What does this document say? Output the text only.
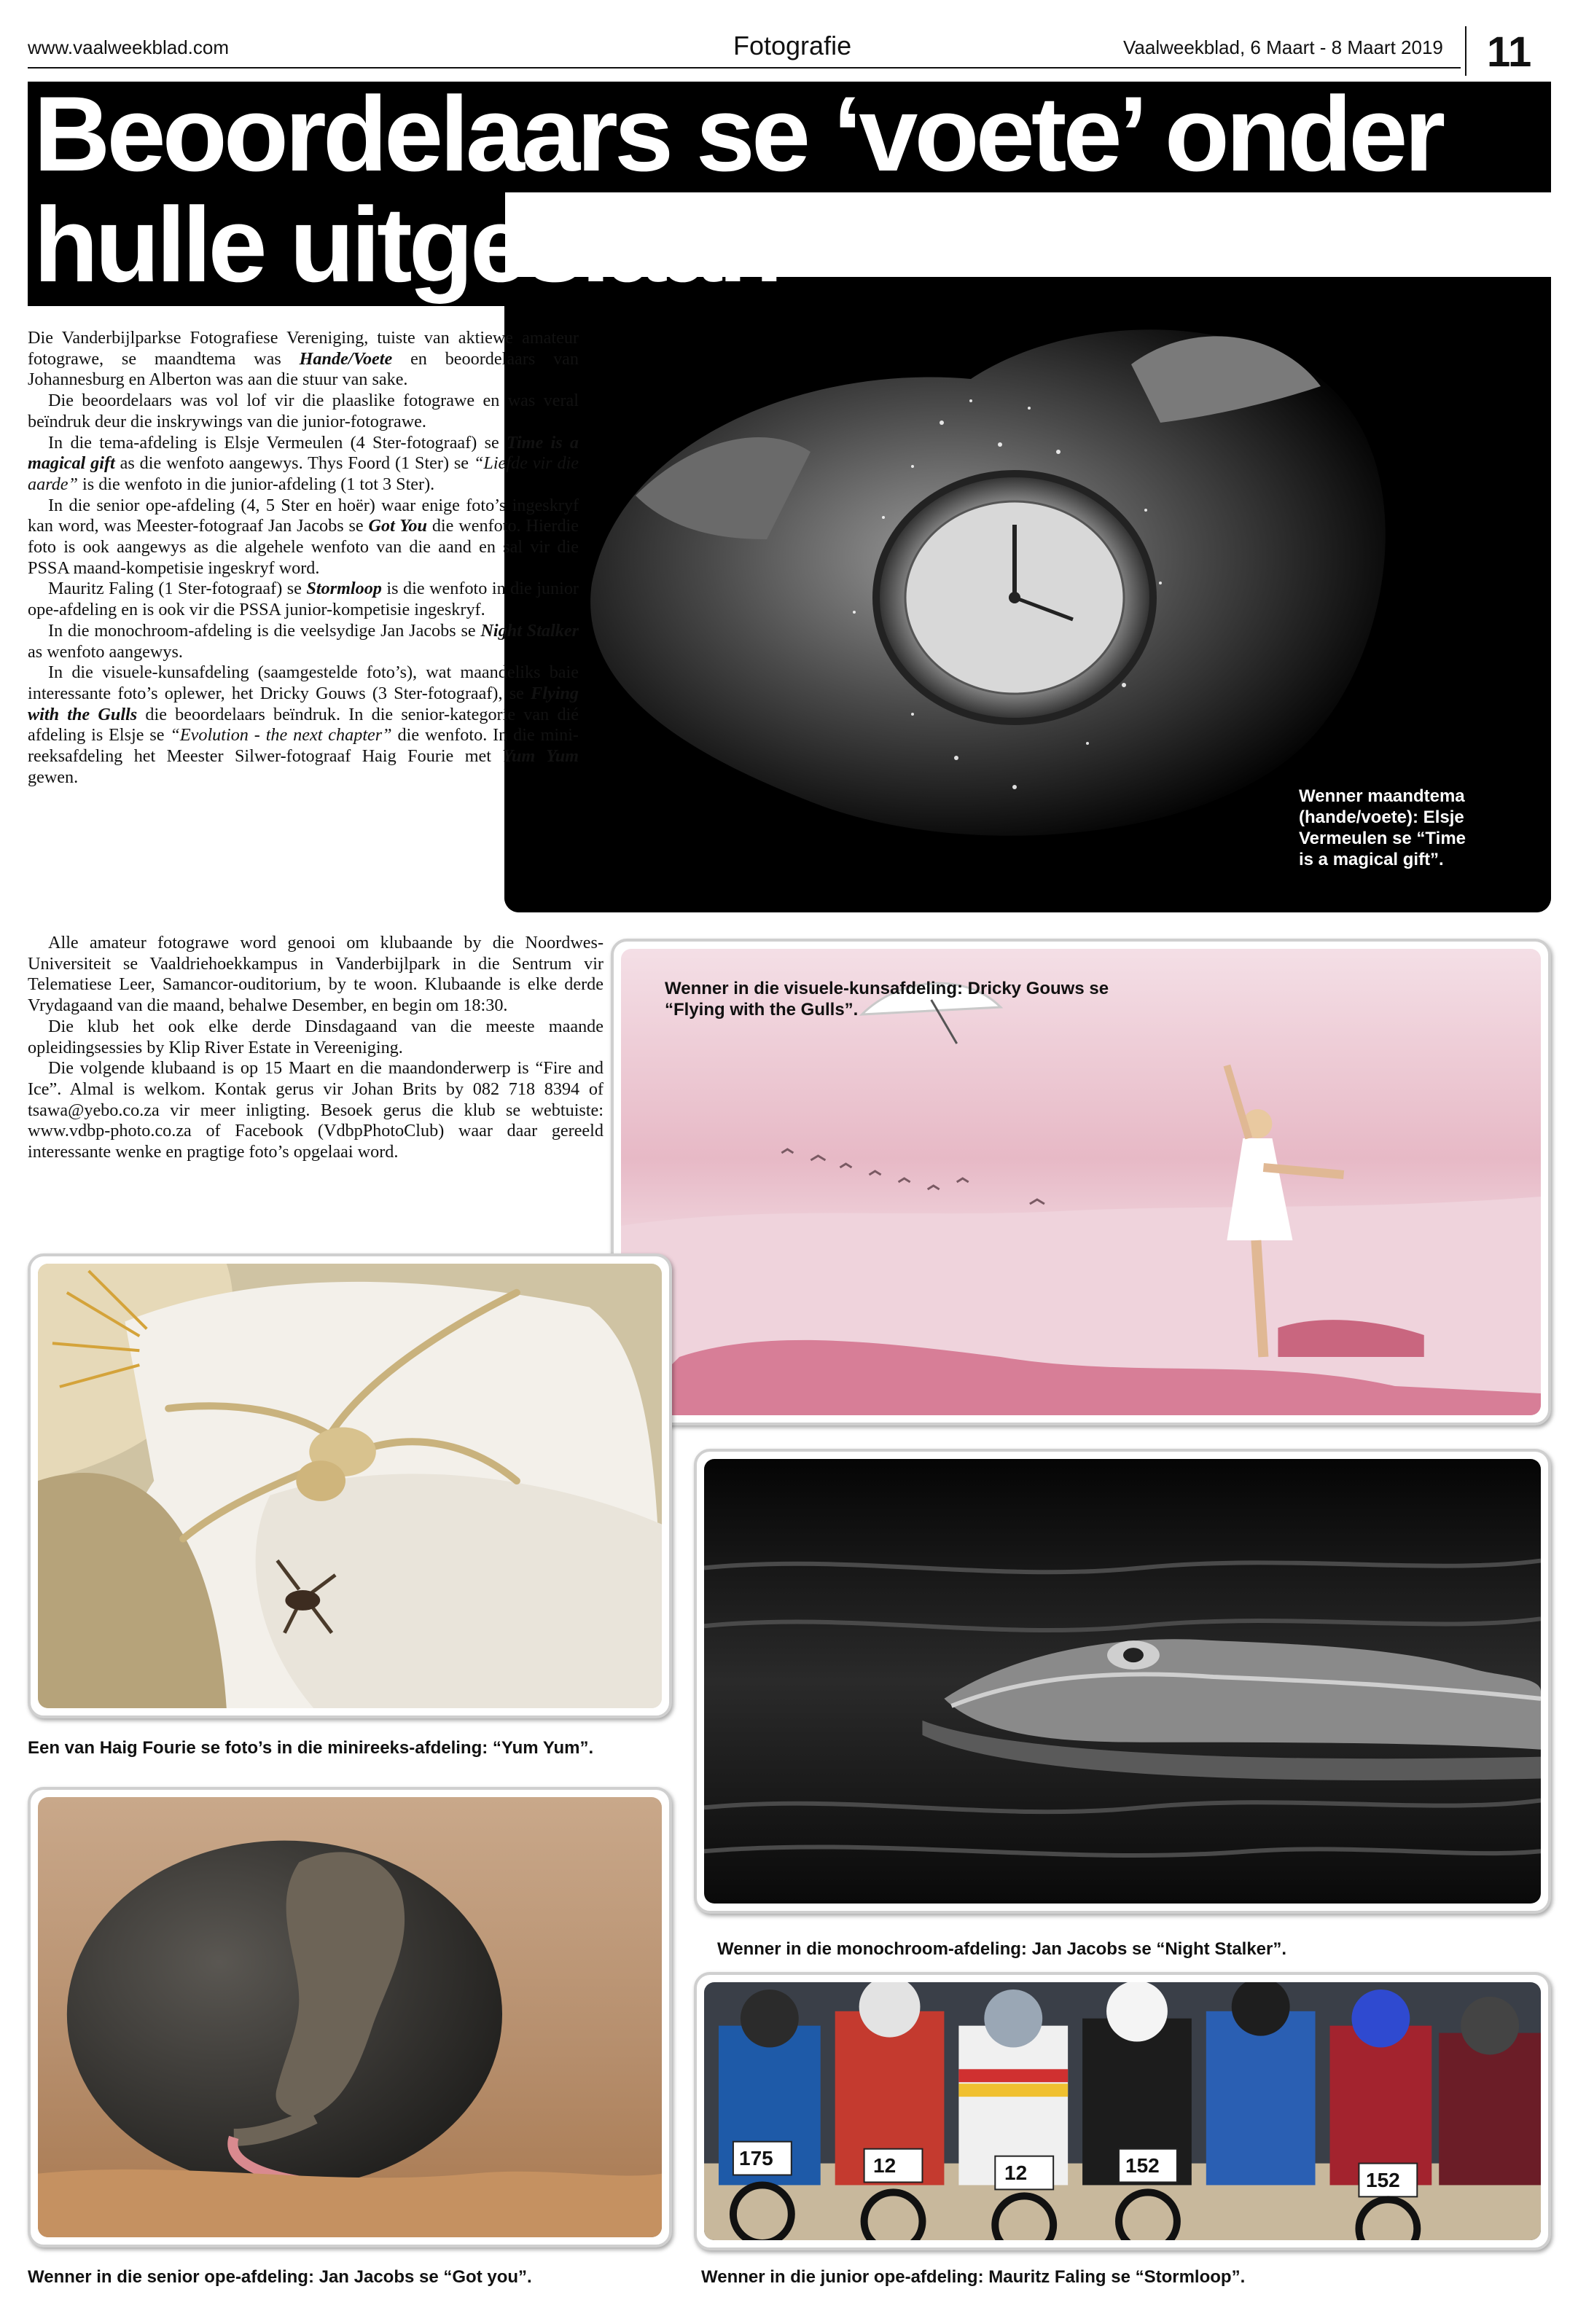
www.vaalweekblad.com	Fotografie	Vaalweekblad, 6 Maart - 8 Maart 2019 11
Wenner maandtema (hande/voete): Elsje Vermeulen se “Time is a magical gift”.
Beoordelaars se ‘voete’ onder
hulle uitgeslaan

Die Vanderbijlparkse Fotografiese Vereniging, tuiste van aktiewe amateur fotograwe, se maandtema was Hande/Voete en beoordelaars van Johannesburg en Alberton was aan die stuur van sake.

Die beoordelaars was vol lof vir die plaaslike fotograwe en was veral beïndruk deur die inskrywings van die junior-fotograwe.

In die tema-afdeling is Elsje Vermeulen (4 Ster-fotograaf) se Time is a magical gift as die wenfoto aangewys. Thys Foord (1 Ster) se “Liefde vir die aarde” is die wenfoto in die junior-afdeling (1 tot 3 Ster).

In die senior ope-afdeling (4, 5 Ster en hoër) waar enige foto’s ingeskryf kan word, was Meester-fotograaf Jan Jacobs se Got You die wenfoto. Hierdie foto is ook aangewys as die algehele wenfoto van die aand en sal vir die PSSA maand-kompetisie ingeskryf word.

Mauritz Faling (1 Ster-fotograaf) se Stormloop is die wenfoto in die junior ope-afdeling en is ook vir die PSSA junior-kompetisie ingeskryf.

In die monochroom-afdeling is die veelsydige Jan Jacobs se Night Stalker as wenfoto aangewys.

In die visuele-kunsafdeling (saamgestelde foto’s), wat maandeliks baie interessante foto’s oplewer, het Dricky Gouws (3 Ster-fotograaf), se Flying with the Gulls die beoordelaars beïndruk. In die senior-kategorie van dié afdeling is Elsje se “Evolution - the next chapter” die wenfoto. In die mini-reeksafdeling het Meester Silwer-fotograaf Haig Fourie met Yum Yum gewen.

Alle amateur fotograwe word genooi om klubaande by die Noordwes-Universiteit se Vaaldriehoekkampus in Vanderbijlpark in die Sentrum vir Telematiese Leer, Samancor-ouditorium, by te woon. Klubaande is elke derde Vrydagaand van die maand, behalwe Desember, en begin om 18:30.

Die klub het ook elke derde Dinsdagaand van die meeste maande opleidingsessies by Klip River Estate in Vereeniging.

Die volgende klubaand is op 15 Maart en die maandonderwerp is “Fire and Ice”. Almal is welkom. Kontak gerus vir Johan Brits by 082 718 8394 of tsawa@yebo.co.za vir meer inligting. Besoek gerus die klub se webtuiste: www.vdbp-photo.co.za of Facebook (VdbpPhotoClub) waar daar gereeld interessante wenke en pragtige foto’s opgelaai word.

Wenner in die visuele-kunsafdeling: Dricky Gouws se “Flying with the Gulls”.
Een van Haig Fourie se foto’s in die minireeks-afdeling: “Yum Yum”.
Wenner in die monochroom-afdeling: Jan Jacobs se “Night Stalker”.
Wenner in die senior ope-afdeling: Jan Jacobs se “Got you”.
175	12	12	152
152
Wenner in die junior ope-afdeling: Mauritz Faling se “Stormloop”.
